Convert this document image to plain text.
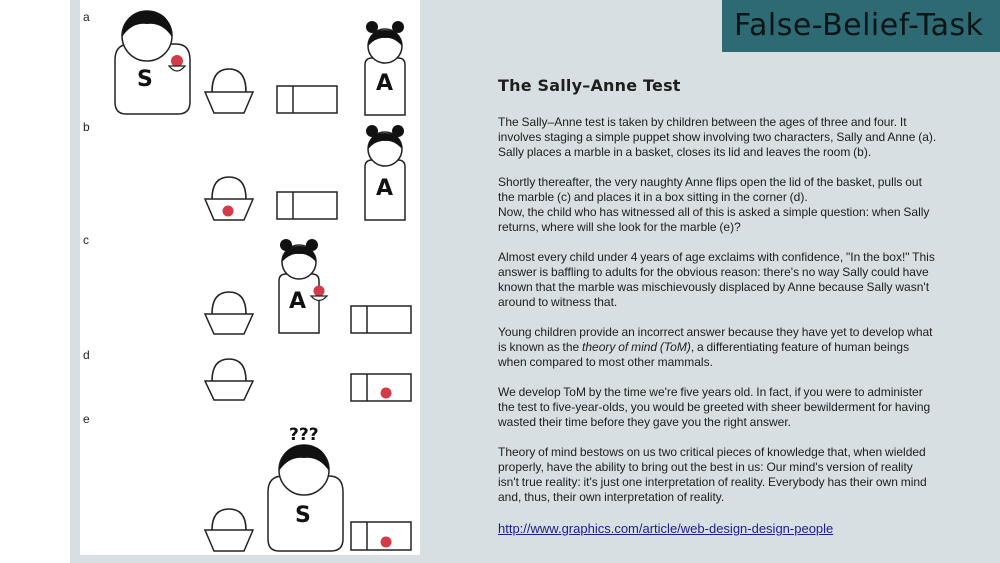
a
b
c
d
e
S	A
A
A
???
S
False-Belief-Task
The Sally–Anne Test

The Sally–Anne test is taken by children between the ages of three and four. It
involves staging a simple puppet show involving two characters, Sally and Anne (a).
Sally places a marble in a basket, closes its lid and leaves the room (b).

Shortly thereafter, the very naughty Anne flips open the lid of the basket, pulls out
the marble (c) and places it in a box sitting in the corner (d).
Now, the child who has witnessed all of this is asked a simple question: when Sally
returns, where will she look for the marble (e)?

Almost every child under 4 years of age exclaims with confidence, "In the box!" This
answer is baffling to adults for the obvious reason: there's no way Sally could have
known that the marble was mischievously displaced by Anne because Sally wasn't
around to witness that.

Young children provide an incorrect answer because they have yet to develop what
is known as the theory of mind (ToM), a differentiating feature of human beings
when compared to most other mammals.

We develop ToM by the time we're five years old. In fact, if you were to administer
the test to five-year-olds, you would be greeted with sheer bewilderment for having
wasted their time before they gave you the right answer.

Theory of mind bestows on us two critical pieces of knowledge that, when wielded
properly, have the ability to bring out the best in us: Our mind's version of reality
isn't true reality: it's just one interpretation of reality. Everybody has their own mind
and, thus, their own interpretation of reality.

http://www.graphics.com/article/web-design-design-people
